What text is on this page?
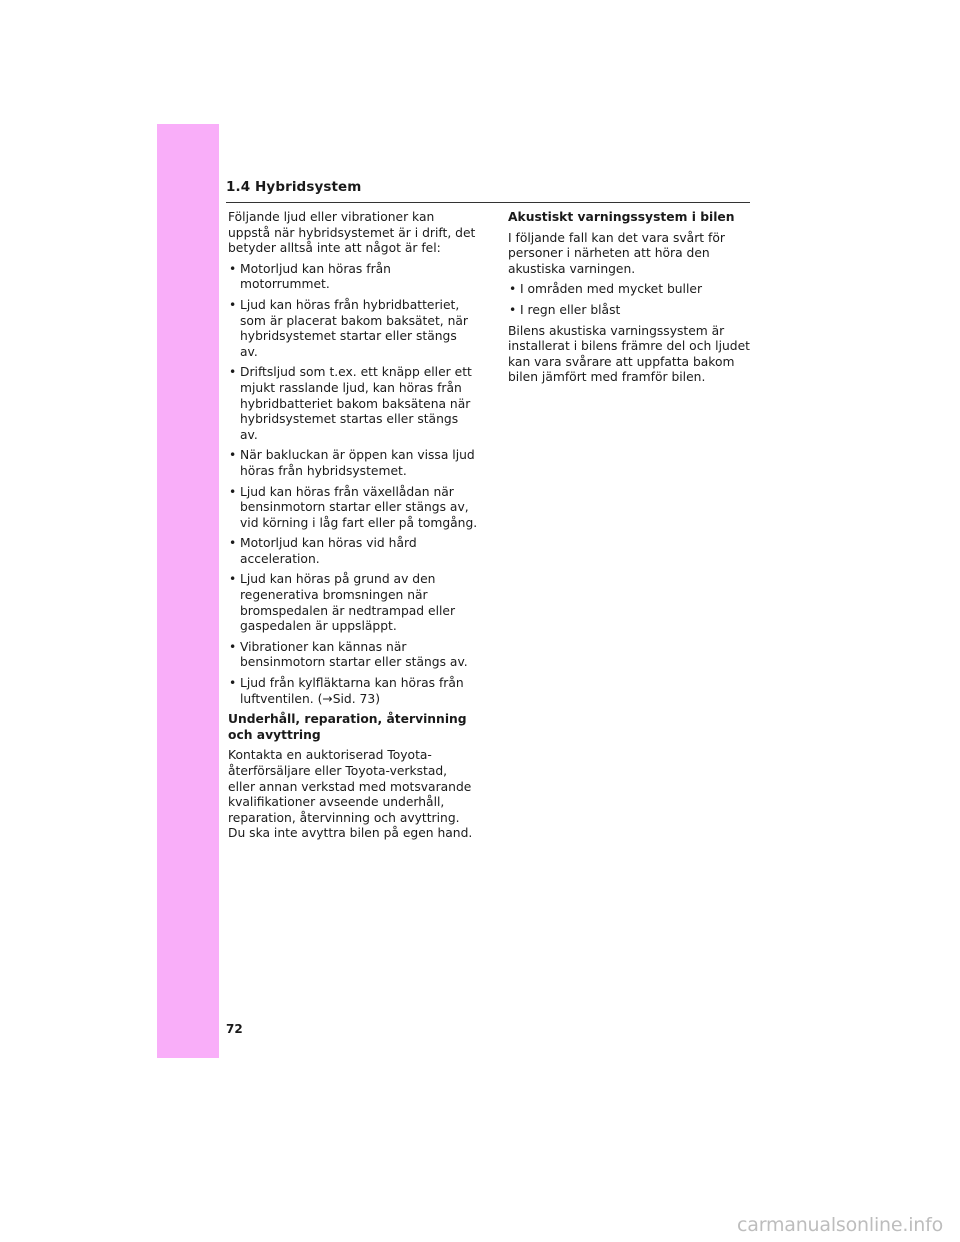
1.4 Hybridsystem

Följande ljud eller vibrationer kan uppstå när hybridsystemet är i drift, det betyder alltså inte att något är fel:

• Motorljud kan höras från motorrummet.
• Ljud kan höras från hybridbatteriet, som är placerat bakom baksätet, när hybridsystemet startar eller stängs av.
• Driftsljud som t.ex. ett knäpp eller ett mjukt rasslande ljud, kan höras från hybridbatteriet bakom baksätena när hybridsystemet startas eller stängs av.
• När bakluckan är öppen kan vissa ljud höras från hybridsystemet.
• Ljud kan höras från växellådan när bensinmotorn startar eller stängs av, vid körning i låg fart eller på tomgång.
• Motorljud kan höras vid hård acceleration.
• Ljud kan höras på grund av den regenerativa bromsningen när bromspedalen är nedtrampad eller gaspedalen är uppsläppt.
• Vibrationer kan kännas när bensinmotorn startar eller stängs av.
• Ljud från kylfläktarna kan höras från luftventilen. (→Sid. 73)

Underhåll, reparation, återvinning och avyttring

Kontakta en auktoriserad Toyota-återförsäljare eller Toyota-verkstad, eller annan verkstad med motsvarande kvalifikationer avseende underhåll, reparation, återvinning och avyttring. Du ska inte avyttra bilen på egen hand.

Akustiskt varningssystem i bilen

I följande fall kan det vara svårt för personer i närheten att höra den akustiska varningen.

• I områden med mycket buller
• I regn eller blåst

Bilens akustiska varningssystem är installerat i bilens främre del och ljudet kan vara svårare att uppfatta bakom bilen jämfört med framför bilen.

72
carmanualsonline.info
